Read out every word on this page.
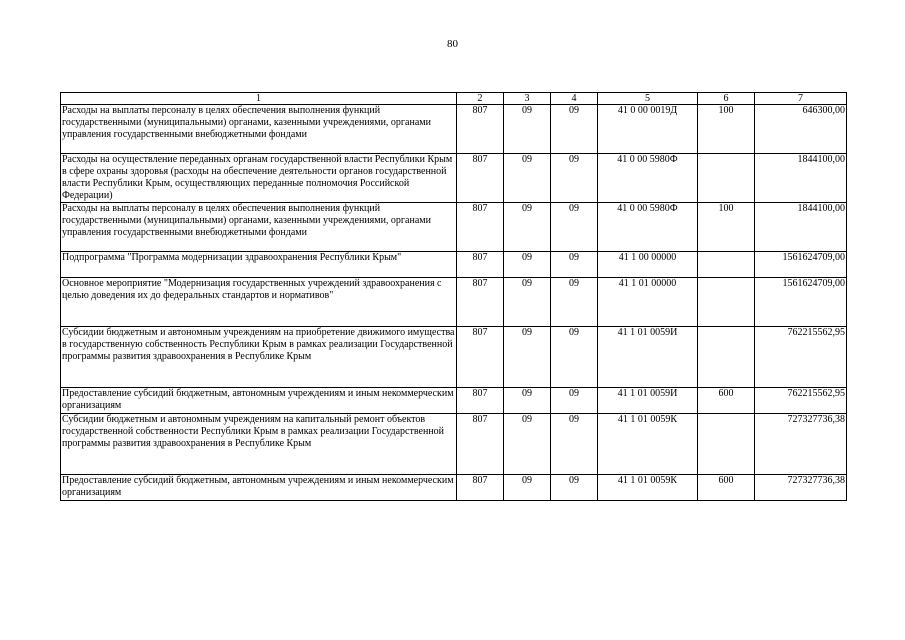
80
1	2	3	4	5	6	7
Расходы на выплаты персоналу в целях обеспечения выполнения функций государственными (муниципальными) органами, казенными учреждениями, органами управления государственными внебюджетными фондами	807	09	09	41 0 00 0019Д	100	646300,00
Расходы на осуществление переданных органам государственной власти Республики Крым в сфере охраны здоровья (расходы на обеспечение деятельности органов государственной власти Республики Крым, осуществляющих переданные полномочия Российской Федерации)	807	09	09	41 0 00 5980Ф		1844100,00
Расходы на выплаты персоналу в целях обеспечения выполнения функций государственными (муниципальными) органами, казенными учреждениями, органами управления государственными внебюджетными фондами	807	09	09	41 0 00 5980Ф	100	1844100,00
Подпрограмма "Программа модернизации здравоохранения Республики Крым"	807	09	09	41 1 00 00000		1561624709,00
Основное мероприятие "Модернизация государственных учреждений здравоохранения с целью доведения их до федеральных стандартов и нормативов"	807	09	09	41 1 01 00000		1561624709,00
Субсидии бюджетным и автономным учреждениям на приобретение движимого имущества в государственную собственность Республики Крым в рамках реализации Государственной программы развития здравоохранения в Республике Крым	807	09	09	41 1 01 0059И		762215562,95
Предоставление субсидий бюджетным, автономным учреждениям и иным некоммерческим организациям	807	09	09	41 1 01 0059И	600	762215562,95
Субсидии бюджетным и автономным учреждениям на капитальный ремонт объектов государственной собственности Республики Крым в рамках реализации Государственной программы развития здравоохранения в Республике Крым	807	09	09	41 1 01 0059К		727327736,38
Предоставление субсидий бюджетным, автономным учреждениям и иным некоммерческим организациям	807	09	09	41 1 01 0059К	600	727327736,38
